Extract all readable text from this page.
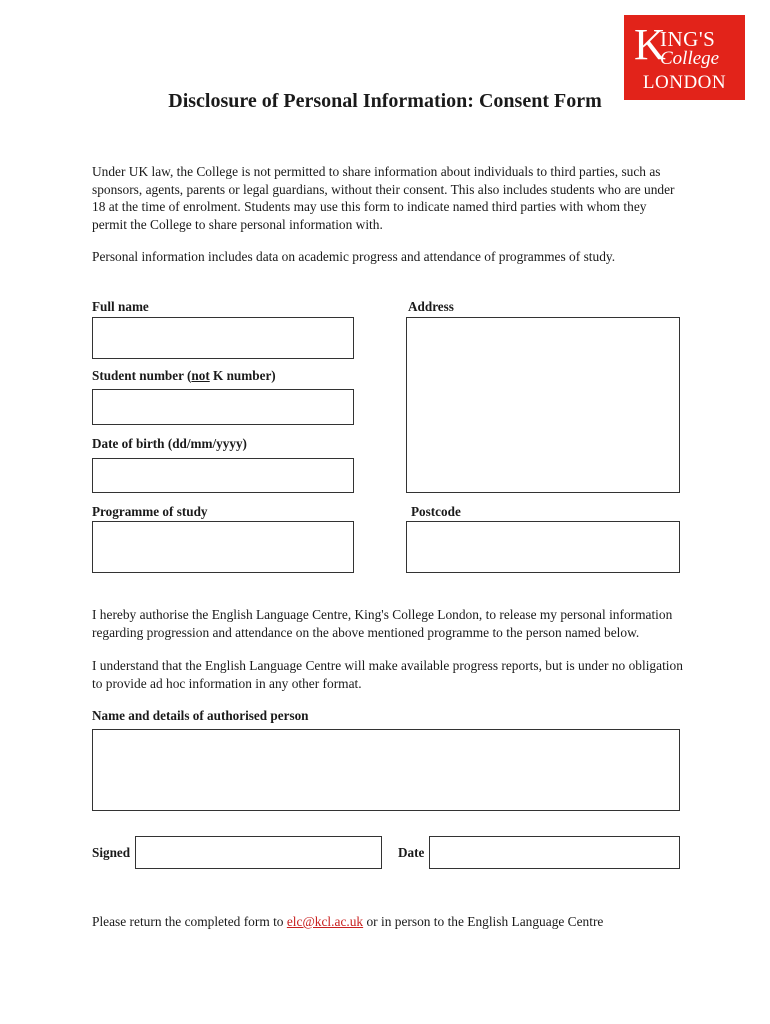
K
ING'S
College
LONDON
Disclosure of Personal Information: Consent Form

Under UK law, the College is not permitted to share information about individuals to third parties, such as sponsors, agents, parents or legal guardians, without their consent. This also includes students who are under 18 at the time of enrolment. Students may use this form to indicate named third parties with whom they permit the College to share personal information with.

Personal information includes data on academic progress and attendance of programmes of study.

Full name	Address
Student number (not K number)
Date of birth (dd/mm/yyyy)
Programme of study	Postcode

I hereby authorise the English Language Centre, King's College London, to release my personal information regarding progression and attendance on the above mentioned programme to the person named below.

I understand that the English Language Centre will make available progress reports, but is under no obligation to provide ad hoc information in any other format.

Name and details of authorised person
Signed	Date

Please return the completed form to elc@kcl.ac.uk or in person to the English Language Centre
